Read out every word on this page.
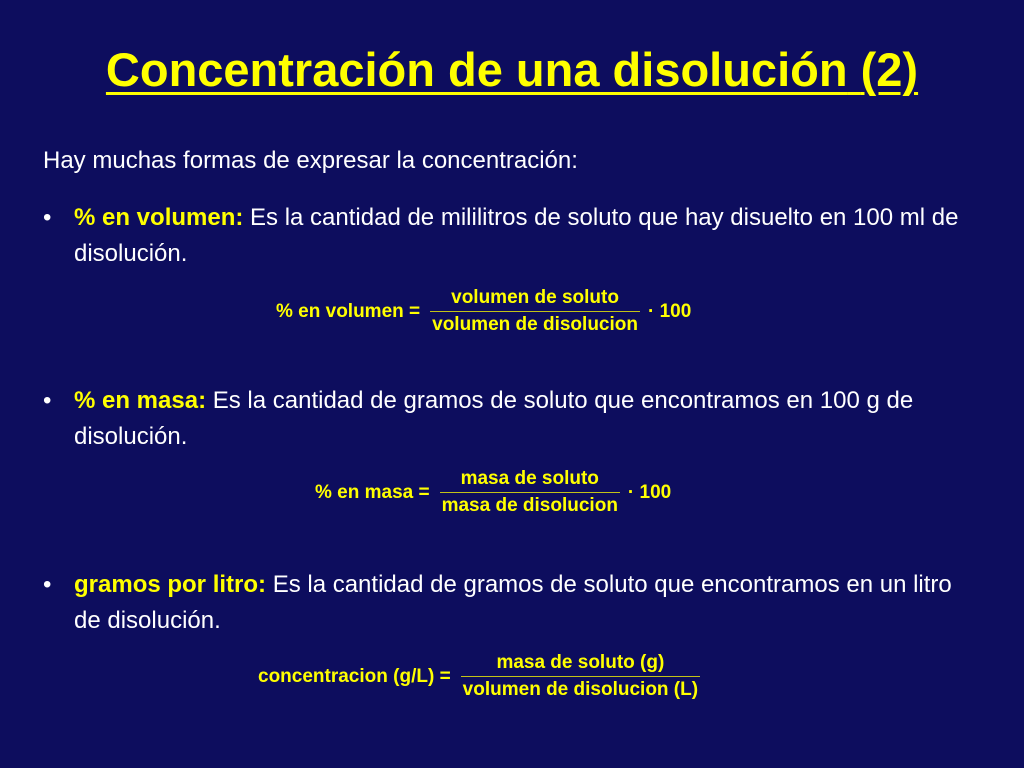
Concentración de una disolución (2)
Hay muchas formas de expresar la concentración:
• % en volumen: Es la cantidad de mililitros de soluto que hay disuelto en 100 ml de disolución.
% en volumen = $\frac{\text{volumen de soluto}}{\text{volumen de disolucion}} \cdot 100$
• % en masa: Es la cantidad de gramos de soluto que encontramos en 100 g de disolución.
% en masa = $\frac{\text{masa de soluto}}{\text{masa de disolucion}} \cdot 100$
• gramos por litro: Es la cantidad de gramos de soluto que encontramos en un litro de disolución.
concentracion $(g/L) = \frac{\text{masa de soluto (g)}}{\text{volumen de disolucion (L)}}$
